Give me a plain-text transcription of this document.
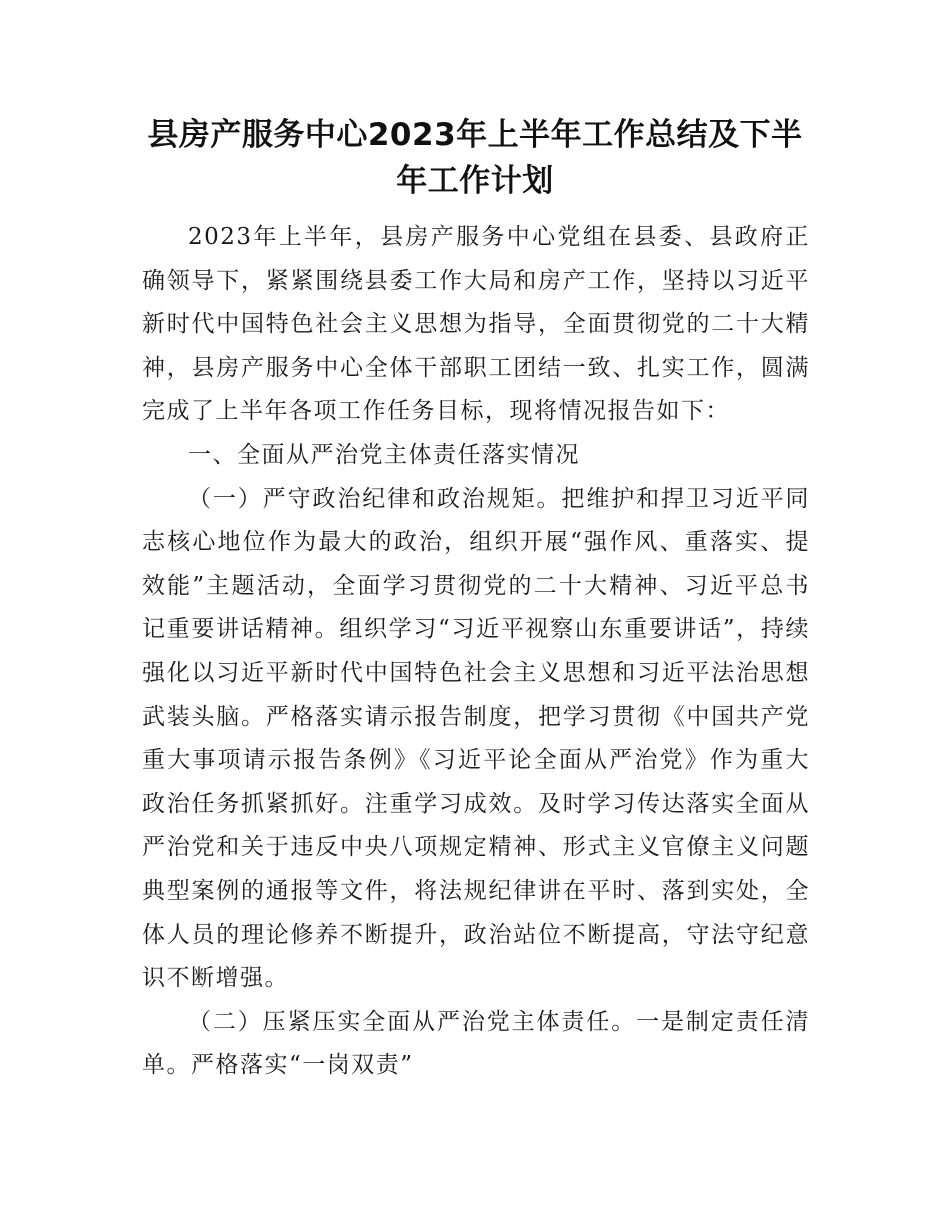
县房产服务中心2023年上半年工作总结及下半
年工作计划

2023年上半年，县房产服务中心党组在县委、县政府正确领导下，紧紧围绕县委工作大局和房产工作，坚持以习近平新时代中国特色社会主义思想为指导，全面贯彻党的二十大精神，县房产服务中心全体干部职工团结一致、扎实工作，圆满完成了上半年各项工作任务目标，现将情况报告如下：

一、全面从严治党主体责任落实情况

（一）严守政治纪律和政治规矩。把维护和捍卫习近平同志核心地位作为最大的政治，组织开展“强作风、重落实、提效能”主题活动，全面学习贯彻党的二十大精神、习近平总书记重要讲话精神。组织学习“习近平视察山东重要讲话”，持续强化以习近平新时代中国特色社会主义思想和习近平法治思想武装头脑。严格落实请示报告制度，把学习贯彻《中国共产党重大事项请示报告条例》《习近平论全面从严治党》作为重大政治任务抓紧抓好。注重学习成效。及时学习传达落实全面从严治党和关于违反中央八项规定精神、形式主义官僚主义问题典型案例的通报等文件，将法规纪律讲在平时、落到实处，全体人员的理论修养不断提升，政治站位不断提高，守法守纪意识不断增强。

（二）压紧压实全面从严治党主体责任。一是制定责任清单。严格落实“一岗双责”
